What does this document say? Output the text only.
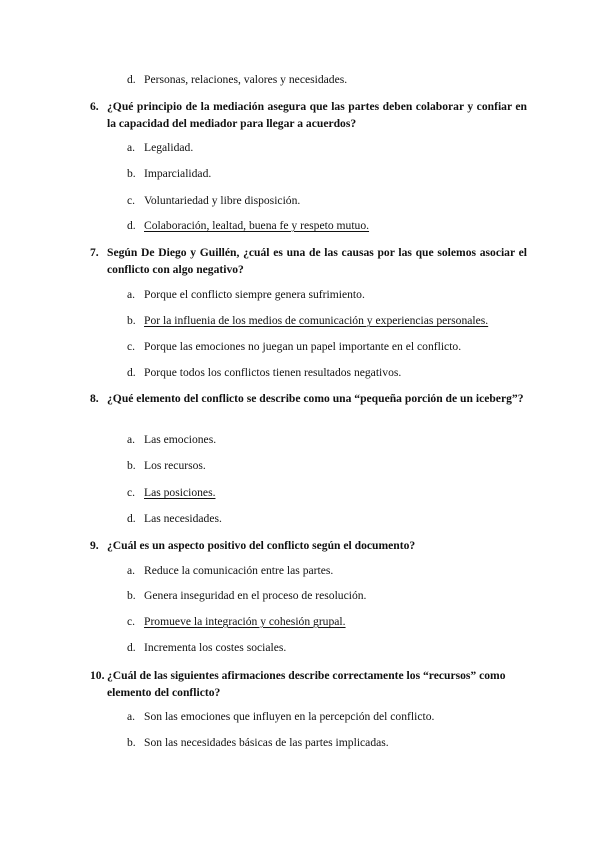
d. Personas, relaciones, valores y necesidades.
6. ¿Qué principio de la mediación asegura que las partes deben colaborar y confiar en la capacidad del mediador para llegar a acuerdos?
a. Legalidad.
b. Imparcialidad.
c. Voluntariedad y libre disposición.
d. Colaboración, lealtad, buena fe y respeto mutuo.
7. Según De Diego y Guillén, ¿cuál es una de las causas por las que solemos asociar el conflicto con algo negativo?
a. Porque el conflicto siempre genera sufrimiento.
b. Por la influenia de los medios de comunicación y experiencias personales.
c. Porque las emociones no juegan un papel importante en el conflicto.
d. Porque todos los conflictos tienen resultados negativos.
8. ¿Qué elemento del conflicto se describe como una “pequeña porción de un iceberg”?
a. Las emociones.
b. Los recursos.
c. Las posiciones.
d. Las necesidades.
9. ¿Cuál es un aspecto positivo del conflicto según el documento?
a. Reduce la comunicación entre las partes.
b. Genera inseguridad en el proceso de resolución.
c. Promueve la integración y cohesión grupal.
d. Incrementa los costes sociales.
10. ¿Cuál de las siguientes afirmaciones describe correctamente los “recursos” como elemento del conflicto?
a. Son las emociones que influyen en la percepción del conflicto.
b. Son las necesidades básicas de las partes implicadas.
